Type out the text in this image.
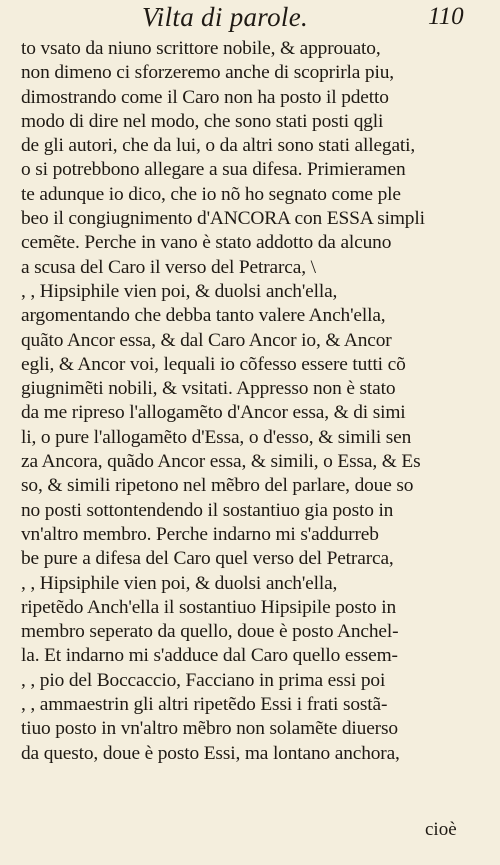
Vilta di parole.	110
to vsato da niuno scrittore nobile, & approuato,
non dimeno ci sforzeremo anche di scoprirla piu,
dimostrando come il Caro non ha posto il pdetto
modo di dire nel modo, che sono stati posti qgli
de gli autori, che da lui, o da altri sono stati allegati,
o si potrebbono allegare a sua difesa. Primieramen
te adunque io dico, che io nõ ho segnato come ple
beo il congiugnimento d'ANCORA con ESSA simpli
cemẽte. Perche in vano è stato addotto da alcuno
a scusa del Caro il verso del Petrarca, \
, , Hipsiphile vien poi, & duolsi anch'ella,
argomentando che debba tanto valere Anch'ella,
quãto Ancor essa, & dal Caro Ancor io, & Ancor
egli, & Ancor voi, lequali io cõfesso essere tutti cõ
giugnimẽti nobili, & vsitati. Appresso non è stato
da me ripreso l'allogamẽto d'Ancor essa, & di simi
li, o pure l'allogamẽto d'Essa, o d'esso, & simili sen
za Ancora, quãdo Ancor essa, & simili, o Essa, & Es
so, & simili ripetono nel mẽbro del parlare, doue so
no posti sottontendendo il sostantiuo gia posto in
vn'altro membro. Perche indarno mi s'addurreb
be pure a difesa del Caro quel verso del Petrarca,
, , Hipsiphile vien poi, & duolsi anch'ella,
ripetẽdo Anch'ella il sostantiuo Hipsipile posto in
membro seperato da quello, doue è posto Anchel-
la. Et indarno mi s'adduce dal Caro quello essem-
, , pio del Boccaccio, Facciano in prima essi poi
, , ammaestrin gli altri ripetẽdo Essi i frati sostã-
tiuo posto in vn'altro mẽbro non solamẽte diuerso
da questo, doue è posto Essi, ma lontano anchora,
cioè
